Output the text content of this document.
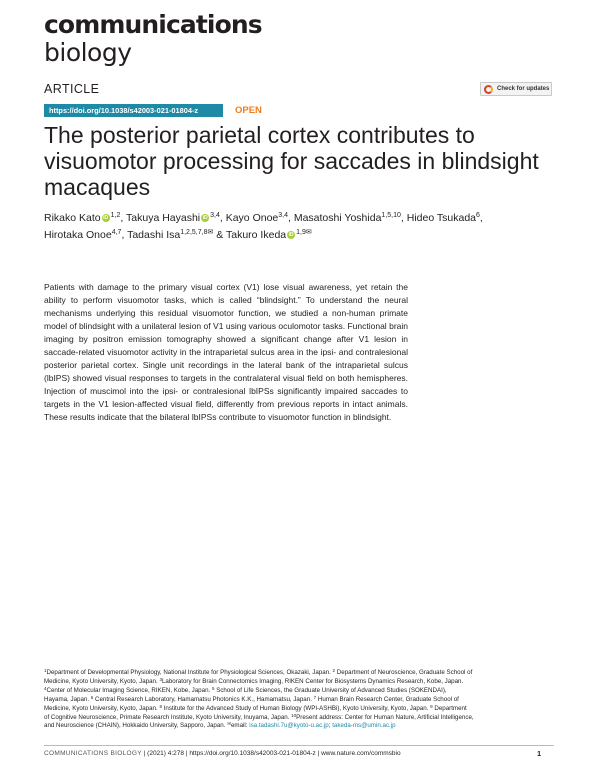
communications
biology
ARTICLE
https://doi.org/10.1038/s42003-021-01804-z	OPEN
Check for updates
The posterior parietal cortex contributes to visuomotor processing for saccades in blindsight macaques
Rikako Kato iD $^{1,2}$, Takuya Hayashi iD $^{3,4}$, Kayo Onoe$^{3,4}$, Masatoshi Yoshida$^{1,5,10}$, Hideo Tsukada$^6$,
Hirotaka Onoe$^{4,7}$, Tadashi Isa$^{1,2,5,7,8✉}$ & Takuro Ikeda iD $^{1,9✉}$

Patients with damage to the primary visual cortex (V1) lose visual awareness, yet retain the ability to perform visuomotor tasks, which is called “blindsight.” To understand the neural mechanisms underlying this residual visuomotor function, we studied a non-human primate model of blindsight with a unilateral lesion of V1 using various oculomotor tasks. Functional brain imaging by positron emission tomography showed a significant change after V1 lesion in saccade-related visuomotor activity in the intraparietal sulcus area in the ipsi- and contralesional posterior parietal cortex. Single unit recordings in the lateral bank of the intraparietal sulcus (lbIPS) showed visual responses to targets in the contralateral visual field on both hemispheres. Injection of muscimol into the ipsi- or contralesional lbIPSs significantly impaired saccades to targets in the V1 lesion-affected visual field, differently from previous reports in intact animals. These results indicate that the bilateral lbIPSs contribute to visuomotor function in blindsight.

$^1$Department of Developmental Physiology, National Institute for Physiological Sciences, Okazaki, Japan. $^2$ Department of Neuroscience, Graduate School of
Medicine, Kyoto University, Kyoto, Japan. $^3$Laboratory for Brain Connectomics Imaging, RIKEN Center for Biosystems Dynamics Research, Kobe, Japan.
$^4$Center of Molecular Imaging Science, RIKEN, Kobe, Japan. $^5$ School of Life Sciences, the Graduate University of Advanced Studies (SOKENDAI),
Hayama, Japan. $^6$ Central Research Laboratory, Hamamatsu Photonics K.K., Hamamatsu, Japan. $^7$ Human Brain Research Center, Graduate School of
Medicine, Kyoto University, Kyoto, Japan. $^8$ Institute for the Advanced Study of Human Biology (WPI-ASHBi), Kyoto University, Kyoto, Japan. $^9$ Department
of Cognitive Neuroscience, Primate Research Institute, Kyoto University, Inuyama, Japan. $^{10}$Present address: Center for Human Nature, Artificial Intelligence,
and Neuroscience (CHAIN), Hokkaido University, Sapporo, Japan. ✉email: isa.tadashi.7u@kyoto-u.ac.jp; takeda-ms@umin.ac.jp
COMMUNICATIONS BIOLOGY | (2021) 4:278 | https://doi.org/10.1038/s42003-021-01804-z | www.nature.com/commsbio	1
